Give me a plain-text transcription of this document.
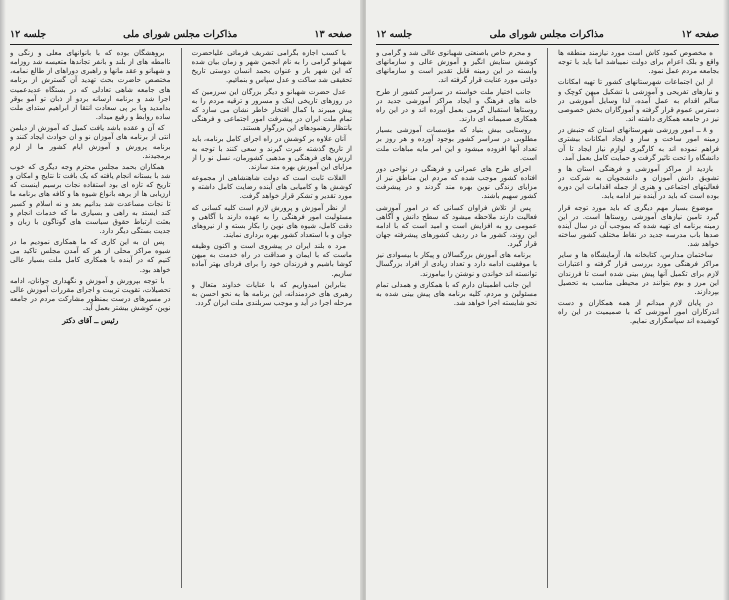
صفحه ۱۳
مذاکرات مجلس شورای ملی
جلسه ۱۲

با کسب اجازه بگرامی تشریف فرمائی علیاحضرت شهبانو گرامی را به نام انجمن شهر و زمان بیان شده که این شهر بار و عنوان بحمد انسان دوستی تاریخ تحقیقی شد ساکت و عدل سپاس و بنمائیم.

عدل حضرت شهبانو و دیگر بزرگان این سرزمین که در روزهای تاریخی اینک و مسرور و ترقیه مردم را به پیش میبرند با کمال افتخار خاطر نشان می سازد که تمام ملت ایران در پیشرفت امور اجتماعی و فرهنگی بانتظار رهنمودهای این بزرگوار هستند.

آنان علاوه بر کوشش در راه اجرای کامل برنامه، باید از تاریخ گذشته عبرت گیرند و سعی کنند با توجه به ارزش های فرهنگی و مذهبی کشورمان، نسل نو را از مزایای این آموزش بهره مند سازند.

الفلات ثابت است که دولت شاهنشاهی از مجموعه کوشش ها و کامیابی های آینده رضایت کامل داشته و مورد تقدیر و تشکر قرار خواهد گرفت.

از نظر آموزش و پرورش لازم است کلیه کسانی که مسئولیت امور فرهنگی را به عهده دارند با آگاهی و دقت کامل، شیوه های نوین را بکار بسته و از نیروهای جوان و با استعداد کشور بهره برداری نمایند.

مرد ه بلند ایران در پیشروی است و اکنون وظیفه ماست که با ایمان و صداقت در راه خدمت به میهن کوشا باشیم و فرزندان خود را برای فردای بهتر آماده سازیم.

بنابراین امیدواریم که با عنایات خداوند متعال و رهبری های خردمندانه، این برنامه ها به نحو احسن به مرحله اجرا در آید و موجب سربلندی ملت ایران گردد.

بروهشگان بوده که با بانوانهای معلی و زنگی و ناامطه های از بلند و بانفر تجاندها متعیسه شد روزامه و شهبانو و عقد مانها و راهبری دوراهای از طالع نمامه، مختصص حاضرت بحث تهدید آن گسترش از برنامه های جامعه شاهی تعادلی که در بستگاه عدیدعمیت اجرا شد و برنامه ارسانه بردو از ذبان تو آمو بوقر بدامدید وبا بر پی سعادت انتقا از ابراهیم ستدای ملت ساده روابط و رفیع میداد.

که آن و عقده باشد یافت کمیل که آموزش از دیلمن انتی از برنامه های آموزان نو و ان حوادث ایجاد کنند و برنامه پرورش و آموزش ایام کشور ما از لزم برمجیدند.

همکاران بحمد مجلس محترم وجه دیگری که خوب شد با بستانه انجام یافته که یک بافت تا نتایج و امکان و تاریخ که تازه ای بود استفاده نجات برسیم اینست که ارزیابی ها از برهه بانواع شیوه ها و کافه های برنامه ما تا نجات مساعدت شد بدانیم بعد و نه اسلام و کسیر کند ایستد به راهی و بسیاری ما که خدمات انجام و بعثت ارتباط حقوق سیاست های گوناگون با زبان و جدیت بستگی دیگر دارد.

پس ان به این کاری که ما همکاری نمودیم ما در شیوه مراکز محلی از هر که آمدن مجلس تاکید می کنیم که در آینده با همکاری کامل ملت بسیار عالی خواهد بود.

با توجه بپرورش و آموزش و نگهداری جوانان، ادامه تحصیلات، تقویت تربیت و اجرای مقررات آموزش عالی در مسیرهای درست بمنظور مشارکت مردم در جامعه نوین، کوشش بیشتر بعمل آید.

رئیس ــ آقای دکتر
صفحه ۱۲
مذاکرات مجلس شورای ملی
جلسه ۱۲

ه مخصوص کمود کاش است مورد نیازمند منطقه ها واقع و بلک اعزام برای دولت نمیباشد اما باید با توجه بجامعه مردم عمل نمود.

از این اجتماعات شهرستانهای کشور تا تهیه امکانات و نیازهای تفریحی و آموزشی با تشکیل میهن کوچک و سالم اقدام به عمل آمده، لذا وسایل آموزشی در دسترس عموم قرار گرفته و آموزگاران بخش خصوصی نیز در جامعه همکاری داشته اند.

و ۸ ــ امور ورزشی شهرستانهای استان که جنبش در زمینه امور ساخت و ساز و ایجاد امکانات بیشتری فراهم نموده اند به کارگیری لوازم نیاز ایجاد تا آن دانشگاه را تحت تاثیر گرفت و حمایت کامل بعمل آمد.

بازدید از مراکز آموزشی و فرهنگی استان ها و تشویق دانش آموزان و دانشجویان به شرکت در فعالیتهای اجتماعی و هنری از جمله اقدامات این دوره بوده است که باید در آینده نیز ادامه یابد.

موضوع بسیار مهم دیگری که باید مورد توجه قرار گیرد تامین نیازهای آموزشی روستاها است. در این زمینه برنامه ای تهیه شده که بموجب آن در سال آینده صدها باب مدرسه جدید در نقاط مختلف کشور ساخته خواهد شد.

ساختمان مدارس، کتابخانه ها، آزمایشگاه ها و سایر مراکز فرهنگی مورد بررسی قرار گرفته و اعتبارات لازم برای تکمیل آنها پیش بینی شده است تا فرزندان این مرز و بوم بتوانند در محیطی مناسب به تحصیل بپردازند.

در پایان لازم میدانم از همه همکاران و دست اندرکاران امور آموزشی که با صمیمیت در این راه کوشیده اند سپاسگزاری نمایم.

و محرم خاص باصنعتی شهبانوی عالی شد و گرامی و کوشش ستایش انگیز و آموزش عالی و سازمانهای وابسته در این زمینه قابل تقدیر است و سازمانهای دولتی مورد عنایت قرار گرفته اند.

جانب اختیار ملت خواسته در سراسر کشور از طرح خانه های فرهنگ و ایجاد مراکز آموزشی جدید در روستاها استقبال گرمی بعمل آورده اند و در این راه همکاری صمیمانه ای دارند.

روستایی بیش بنیاد که مؤسسات آموزشی بسیار مطلوبی در سراسر کشور بوجود آورده و هر روز بر تعداد آنها افزوده میشود و این امر مایه مباهات ملت است.

اجرای طرح های عمرانی و فرهنگی در نواحی دور افتاده کشور موجب شده که مردم این مناطق نیز از مزایای زندگی نوین بهره مند گردند و در پیشرفت کشور سهیم باشند.

پس از تلاش فراوان کسانی که در امور آموزشی فعالیت دارند ملاحظه میشود که سطح دانش و آگاهی عمومی رو به افزایش است و امید است که با ادامه این روند، کشور ما در ردیف کشورهای پیشرفته جهان قرار گیرد.

برنامه های آموزش بزرگسالان و پیکار با بیسوادی نیز با موفقیت ادامه دارد و تعداد زیادی از افراد بزرگسال توانسته اند خواندن و نوشتن را بیاموزند.

این جانب اطمینان دارم که با همکاری و همدلی تمام مسئولین و مردم، کلیه برنامه های پیش بینی شده به نحو شایسته اجرا خواهد شد.
